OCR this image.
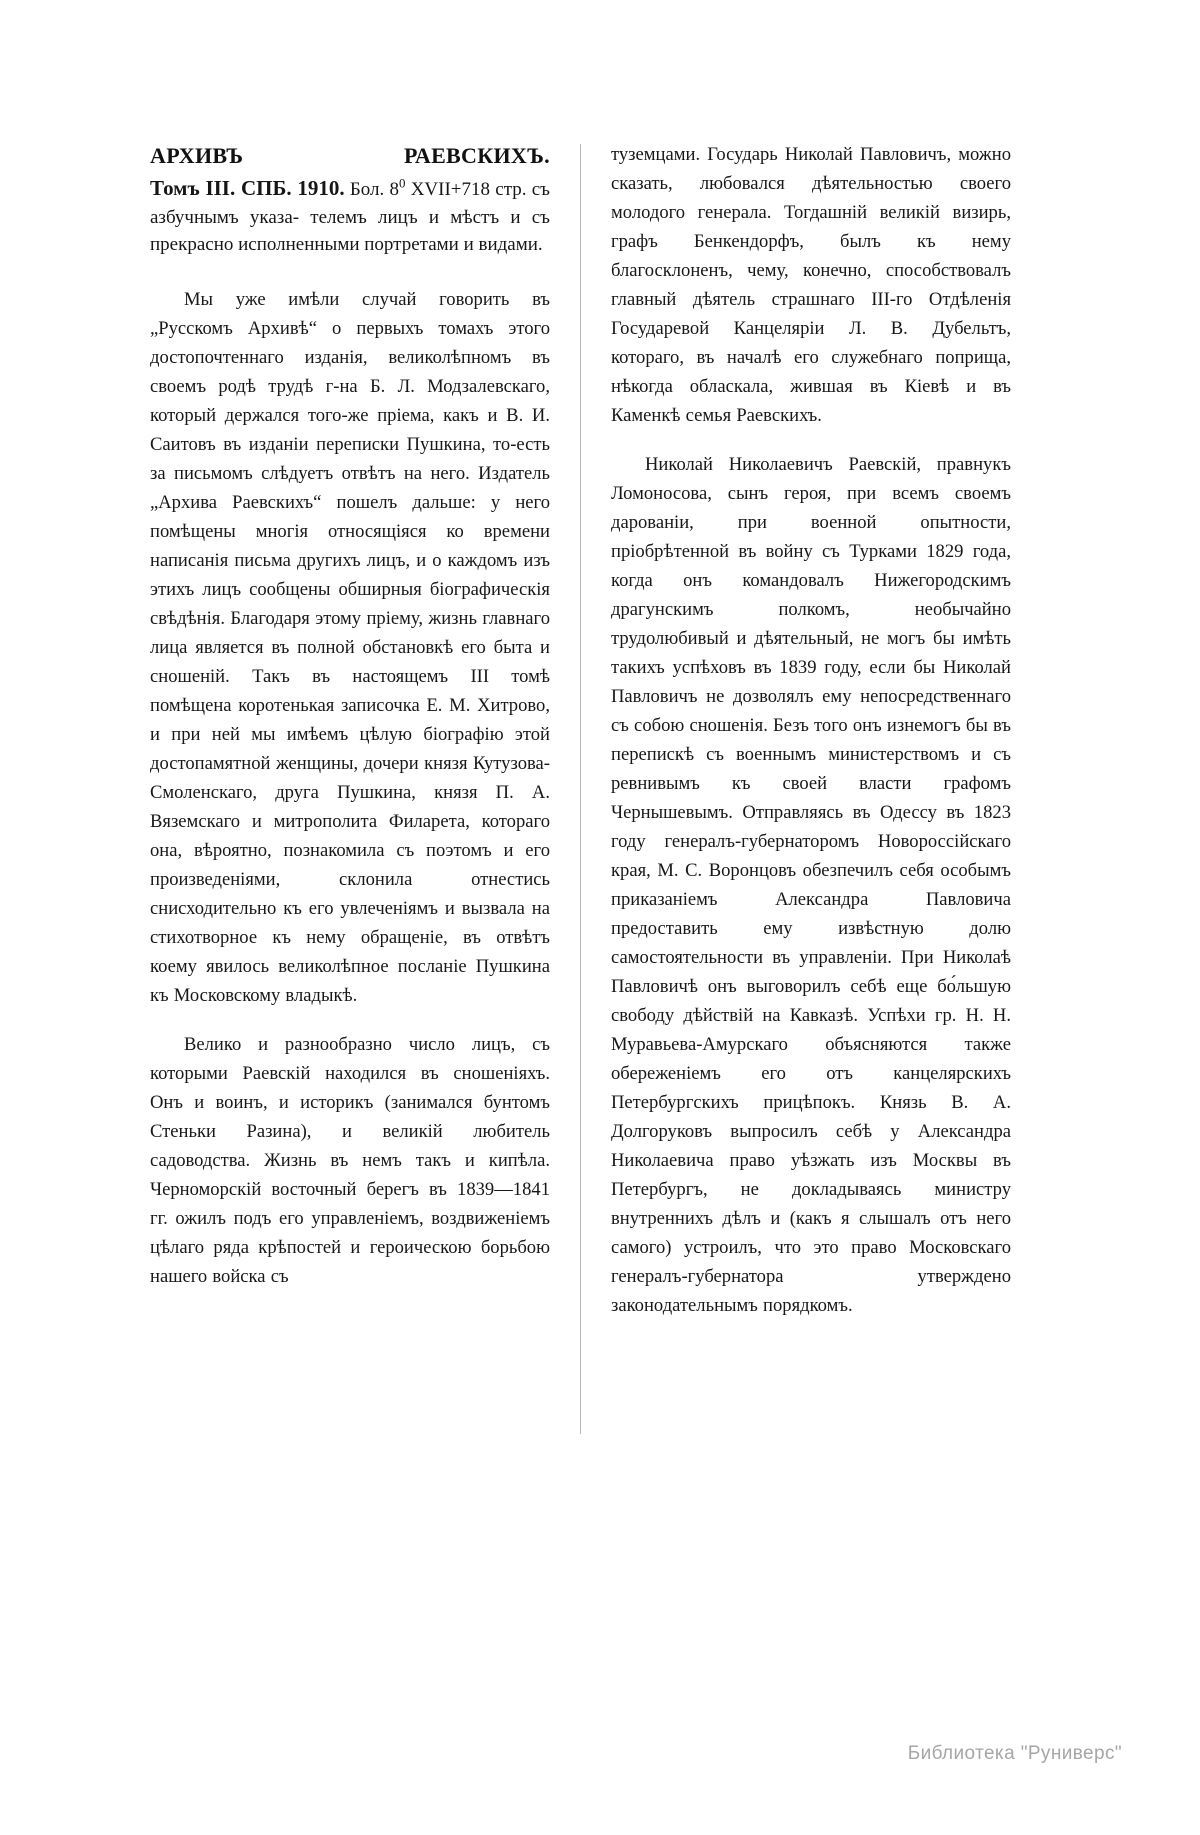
АРХИВЪ	РАЕВСКИХЪ.
Томъ III. СПБ. 1910. Бол. $8^0$ XVII+718 стр. съ азбучнымъ указа- телемъ лицъ и мѣстъ и съ прекрасно исполненными портретами и видами.

Мы уже имѣли случай говорить въ „Русскомъ Архивѣ“ о первыхъ томахъ этого достопочтеннаго изданія, великолѣпномъ въ своемъ родѣ трудѣ г-на Б. Л. Модзалевскаго, который держался того-же пріема, какъ и В. И. Саитовъ въ изданіи переписки Пушкина, то-есть за письмомъ слѣдуетъ отвѣтъ на него. Издатель „Архива Раевскихъ“ пошелъ дальше: у него помѣщены многія относящіяся ко времени написанія письма другихъ лицъ, и о каждомъ изъ этихъ лицъ сообщены обширныя біографическія свѣдѣнія. Благодаря этому пріему, жизнь главнаго лица является въ полной обстановкѣ его быта и сношеній. Такъ въ настоящемъ III томѣ помѣщена коротенькая записочка Е. М. Хитрово, и при ней мы имѣемъ цѣлую біографію этой достопамятной женщины, дочери князя Кутузова-Смоленскаго, друга Пушкина, князя П. А. Вяземскаго и митрополита Филарета, котораго она, вѣроятно, познакомила съ поэтомъ и его произведеніями, склонила отнестись снисходительно къ его увлеченіямъ и вызвала на стихотворное къ нему обращеніе, въ отвѣтъ коему явилось великолѣпное посланіе Пушкина къ Московскому владыкѣ.

Велико и разнообразно число лицъ, съ которыми Раевскій находился въ сношеніяхъ. Онъ и воинъ, и историкъ (занимался бунтомъ Стеньки Разина), и великій любитель садоводства. Жизнь въ немъ такъ и кипѣла. Черноморскій восточный берегъ въ 1839—1841 гг. ожилъ подъ его управленіемъ, воздвиженіемъ цѣлаго ряда крѣпостей и героическою борьбою нашего войска съ

туземцами. Государь Николай Павловичъ, можно сказать, любовался дѣятельностью своего молодого генерала. Тогдашній великій визирь, графъ Бенкендорфъ, былъ къ нему благосклоненъ, чему, конечно, способствовалъ главный дѣятель страшнаго III-го Отдѣленія Государевой Канцеляріи Л. В. Дубельтъ, котораго, въ началѣ его служебнаго поприща, нѣкогда обласкала, жившая въ Кіевѣ и въ Каменкѣ семья Раевскихъ.

Николай Николаевичъ Раевскій, правнукъ Ломоносова, сынъ героя, при всемъ своемъ дарованіи, при военной опытности, пріобрѣтенной въ войну съ Турками 1829 года, когда онъ командовалъ Нижегородскимъ драгунскимъ полкомъ, необычайно трудолюбивый и дѣятельный, не могъ бы имѣть такихъ успѣховъ въ 1839 году, если бы Николай Павловичъ не дозволялъ ему непосредственнаго съ собою сношенія. Безъ того онъ изнемогъ бы въ перепискѣ съ военнымъ министерствомъ и съ ревнивымъ къ своей власти графомъ Чернышевымъ. Отправляясь въ Одессу въ 1823 году генералъ-губернаторомъ Новороссійскаго края, М. С. Воронцовъ обезпечилъ себя особымъ приказаніемъ Александра Павловича предоставить ему извѣстную долю самостоятельности въ управленіи. При Николаѣ Павловичѣ онъ выговорилъ себѣ еще бо́льшую свободу дѣйствій на Кавказѣ. Успѣхи гр. Н. Н. Муравьева-Амурскаго объясняются также обереженіемъ его отъ канцелярскихъ Петербургскихъ прицѣпокъ. Князь В. А. Долгоруковъ выпросилъ себѣ у Александра Николаевича право уѣзжать изъ Москвы въ Петербургъ, не докладываясь министру внутреннихъ дѣлъ и (какъ я слышалъ отъ него самого) устроилъ, что это право Московскаго генералъ-губернатора утверждено законодательнымъ порядкомъ.

Библиотека "Руниверс"
